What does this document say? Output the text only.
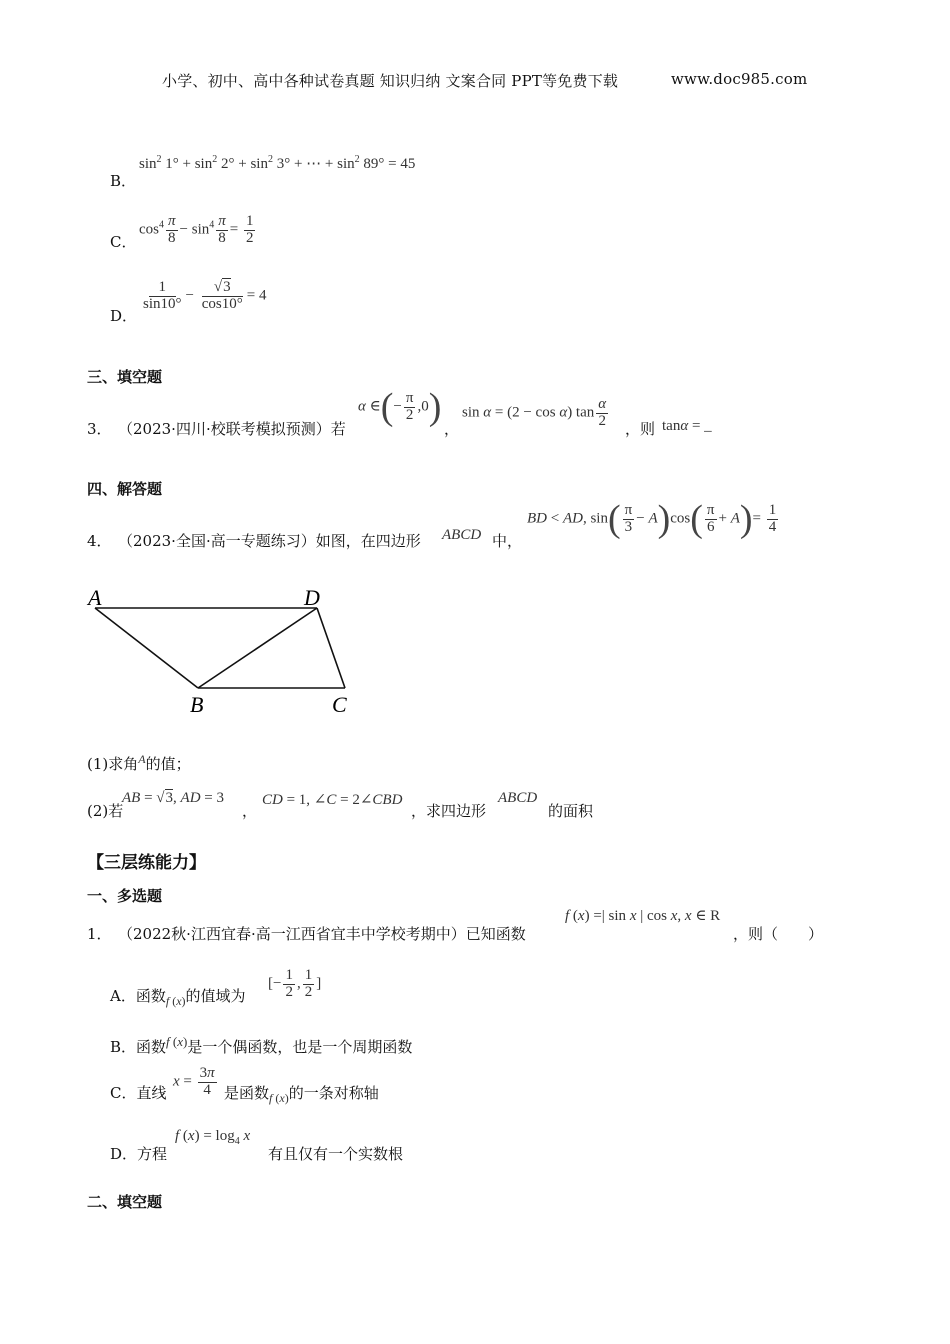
小学、初中、高中各种试卷真题 知识归纳 文案合同 PPT等免费下载	www.doc985.com
B．
$\sin^2 1^\circ + \sin^2 2^\circ + \sin^2 3^\circ$ + ⋯ + $\sin^2 89^\circ = 45$
C．
$\cos^4 \frac{\pi}{8} - \sin^4 \frac{\pi}{8} = \frac{1}{2}$
D．
$\frac{1}{\sin 10^\circ} - \frac{√3}{\cos 10^\circ} = 4$
三、填空题
3． （2023·四川·校联考模拟预测）若
α ∈(− $\frac{\pi}{2} ,0$)
，
sin α = (2 − cos α) $\tan \frac{\alpha}{2}$ ，则 tanα = _
四、解答题
4． （2023·全国·高一专题练习）如图，在四边形 ABCD 中，
BD < AD, $\sin( \frac{\pi}{3} - A)\cos( \frac{\pi}{6} + A)= \frac{1}{4}$
A	D
B	C
(1)求角$^A$的值；
(2)若
AB = √3, AD = 3
，
CD = 1, ∠C = 2∠CBD
，求四边形
ABCD
的面积
【三层练能力】
一、多选题
1． （2022秋·江西宜春·高一江西省宜丰中学校考期中）已知函数
f (x) =| sin x | cos x, x ∈ R
，则（　　）
A．函数$_{f (x)}$的值域为
[− $\frac{1}{2}$ , $\frac{1}{2}$ ]
B．函数f (x)是一个偶函数，也是一个周期函数
C．直线
$x = \frac{3\pi}{4}$ 是函数$_{f (x)}$的一条对称轴
D．方程
f $(x) = \log_4 x$
有且仅有一个实数根
二、填空题
